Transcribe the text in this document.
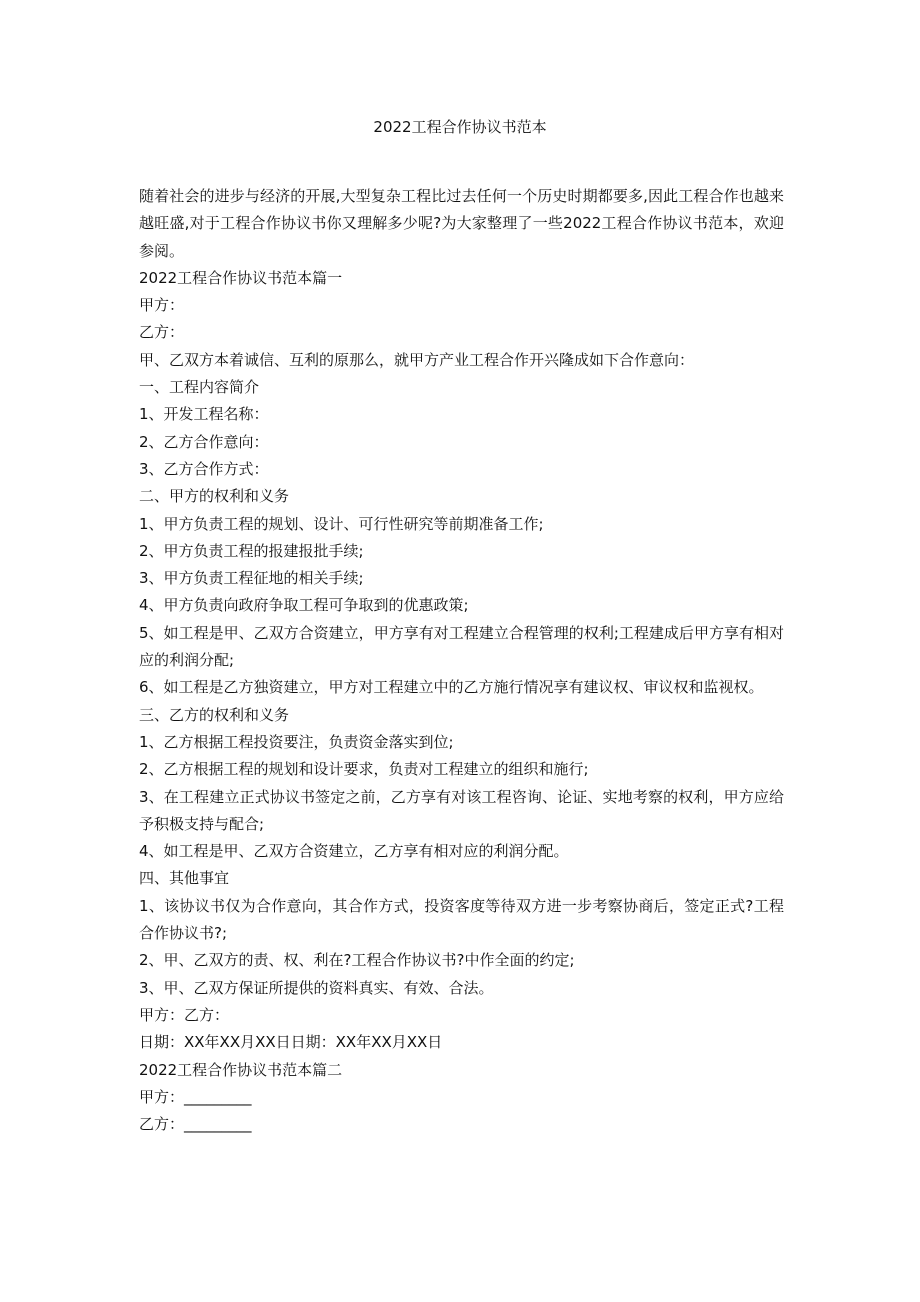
2022工程合作协议书范本

随着社会的进步与经济的开展,大型复杂工程比过去任何一个历史时期都要多,因此工程合作也越来越旺盛,对于工程合作协议书你又理解多少呢?为大家整理了一些2022工程合作协议书范本，欢迎参阅。

2022工程合作协议书范本篇一

甲方：

乙方：

甲、乙双方本着诚信、互利的原那么，就甲方产业工程合作开兴隆成如下合作意向：

一、工程内容简介

1、开发工程名称：

2、乙方合作意向：

3、乙方合作方式：

二、甲方的权利和义务

1、甲方负责工程的规划、设计、可行性研究等前期准备工作;

2、甲方负责工程的报建报批手续;

3、甲方负责工程征地的相关手续;

4、甲方负责向政府争取工程可争取到的优惠政策;

5、如工程是甲、乙双方合资建立，甲方享有对工程建立合程管理的权利;工程建成后甲方享有相对应的利润分配;

6、如工程是乙方独资建立，甲方对工程建立中的乙方施行情况享有建议权、审议权和监视权。

三、乙方的权利和义务

1、乙方根据工程投资要注，负责资金落实到位;

2、乙方根据工程的规划和设计要求，负责对工程建立的组织和施行;

3、在工程建立正式协议书签定之前，乙方享有对该工程咨询、论证、实地考察的权利，甲方应给予积极支持与配合;

4、如工程是甲、乙双方合资建立，乙方享有相对应的利润分配。

四、其他事宜

1、该协议书仅为合作意向，其合作方式，投资客度等待双方进一步考察协商后，签定正式?工程合作协议书?;

2、甲、乙双方的责、权、利在?工程合作协议书?中作全面的约定;

3、甲、乙双方保证所提供的资料真实、有效、合法。

甲方：乙方：

日期：XX年XX月XX日日期：XX年XX月XX日

2022工程合作协议书范本篇二

甲方：_________

乙方：_________
